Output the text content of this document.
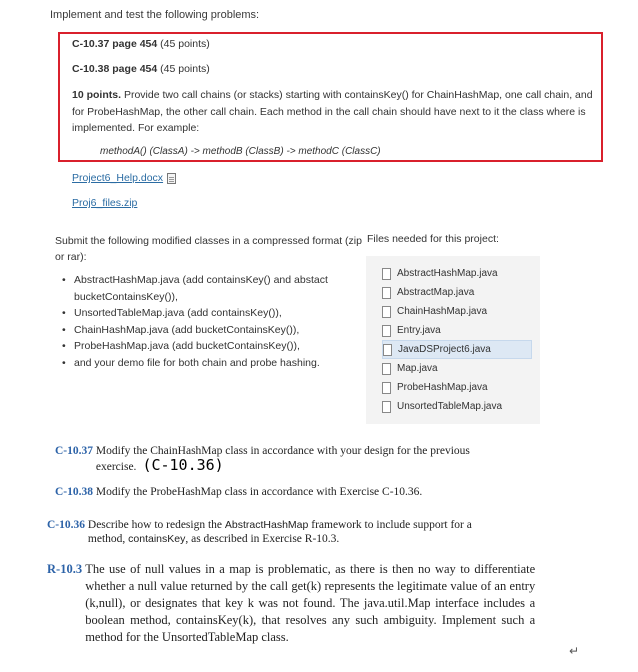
Implement and test the following problems:
C-10.37 page 454 (45 points)
C-10.38 page 454 (45 points)
10 points. Provide two call chains (or stacks) starting with containsKey() for ChainHashMap, one call chain, and for ProbeHashMap, the other call chain. Each method in the call chain should have next to it the class where is implemented. For example:
methodA() (ClassA) -> methodB (ClassB) -> methodC (ClassC)
Project6_Help.docx
Proj6_files.zip
Submit the following modified classes in a compressed format (zip or rar):
Files needed for this project:
• AbstractHashMap.java (add containsKey() and abstact bucketContainsKey()),
• UnsortedTableMap.java (add containsKey()),
• ChainHashMap.java (add bucketContainsKey()),
• ProbeHashMap.java (add bucketContainsKey()),
• and your demo file for both chain and probe hashing.
AbstractHashMap.java
AbstractMap.java
ChainHashMap.java
Entry.java
JavaDSProject6.java
Map.java
ProbeHashMap.java
UnsortedTableMap.java
C-10.37 Modify the ChainHashMap class in accordance with your design for the previous exercise. (C-10.36)
C-10.38 Modify the ProbeHashMap class in accordance with Exercise C-10.36.
C-10.36 Describe how to redesign the AbstractHashMap framework to include support for a method, containsKey, as described in Exercise R-10.3.
R-10.3 The use of null values in a map is problematic, as there is then no way to differentiate whether a null value returned by the call get(k) represents the legitimate value of an entry (k,null), or designates that key k was not found. The java.util.Map interface includes a boolean method, containsKey(k), that resolves any such ambiguity. Implement such a method for the UnsortedTableMap class.
↵
